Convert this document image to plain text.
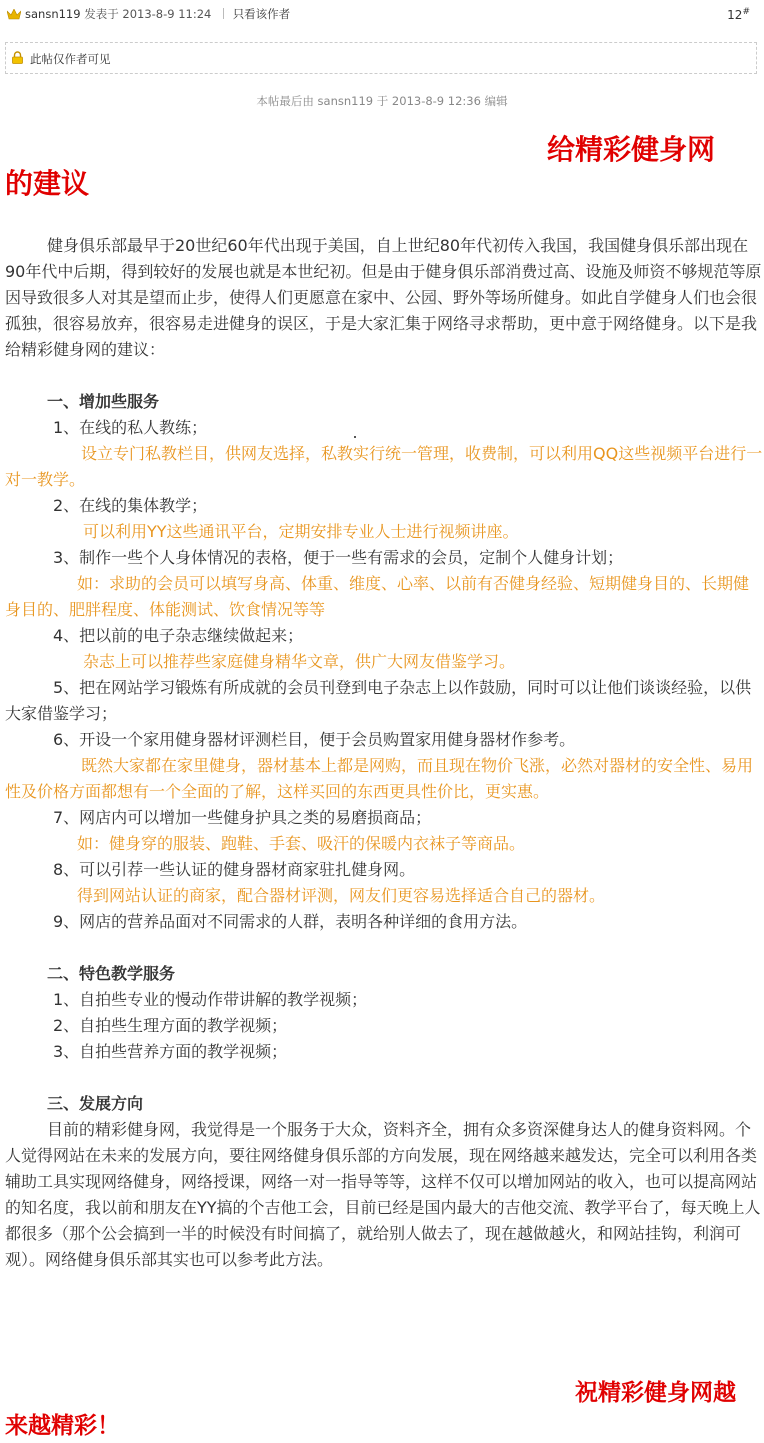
sansn119 发表于 2013-8-9 11:24 只看该作者	12#
此帖仅作者可见
本帖最后由 sansn119 于 2013-8-9 12:36 编辑
给精彩健身网
的建议

健身俱乐部最早于20世纪60年代出现于美国，自上世纪80年代初传入我国，我国健身俱乐部出现在90年代中后期，得到较好的发展也就是本世纪初。但是由于健身俱乐部消费过高、设施及师资不够规范等原因导致很多人对其是望而止步，使得人们更愿意在家中、公园、野外等场所健身。如此自学健身人们也会很孤独，很容易放弃，很容易走进健身的误区，于是大家汇集于网络寻求帮助，更中意于网络健身。以下是我给精彩健身网的建议：

一、增加些服务

1、在线的私人教练；

设立专门私教栏目，供网友选择，私教实行统一管理，收费制，可以利用QQ这些视频平台进行一对一教学。

2、在线的集体教学；

可以利用YY这些通讯平台，定期安排专业人士进行视频讲座。

3、制作一些个人身体情况的表格，便于一些有需求的会员，定制个人健身计划；

如：求助的会员可以填写身高、体重、维度、心率、以前有否健身经验、短期健身目的、长期健身目的、肥胖程度、体能测试、饮食情况等等

4、把以前的电子杂志继续做起来；

杂志上可以推荐些家庭健身精华文章，供广大网友借鉴学习。

5、把在网站学习锻炼有所成就的会员刊登到电子杂志上以作鼓励，同时可以让他们谈谈经验，以供大家借鉴学习；

6、开设一个家用健身器材评测栏目，便于会员购置家用健身器材作参考。

既然大家都在家里健身，器材基本上都是网购，而且现在物价飞涨，必然对器材的安全性、易用性及价格方面都想有一个全面的了解，这样买回的东西更具性价比，更实惠。

7、网店内可以增加一些健身护具之类的易磨损商品；

如：健身穿的服装、跑鞋、手套、吸汗的保暖内衣袜子等商品。

8、可以引荐一些认证的健身器材商家驻扎健身网。

得到网站认证的商家，配合器材评测，网友们更容易选择适合自己的器材。

9、网店的营养品面对不同需求的人群，表明各种详细的食用方法。

二、特色教学服务

1、自拍些专业的慢动作带讲解的教学视频；

2、自拍些生理方面的教学视频；

3、自拍些营养方面的教学视频；

三、发展方向

目前的精彩健身网，我觉得是一个服务于大众，资料齐全，拥有众多资深健身达人的健身资料网。个人觉得网站在未来的发展方向，要往网络健身俱乐部的方向发展，现在网络越来越发达，完全可以利用各类辅助工具实现网络健身，网络授课，网络一对一指导等等，这样不仅可以增加网站的收入，也可以提高网站的知名度，我以前和朋友在YY搞的个吉他工会，目前已经是国内最大的吉他交流、教学平台了，每天晚上人都很多（那个公会搞到一半的时候没有时间搞了，就给别人做去了，现在越做越火，和网站挂钩，利润可观）。网络健身俱乐部其实也可以参考此方法。

祝精彩健身网越
来越精彩！
